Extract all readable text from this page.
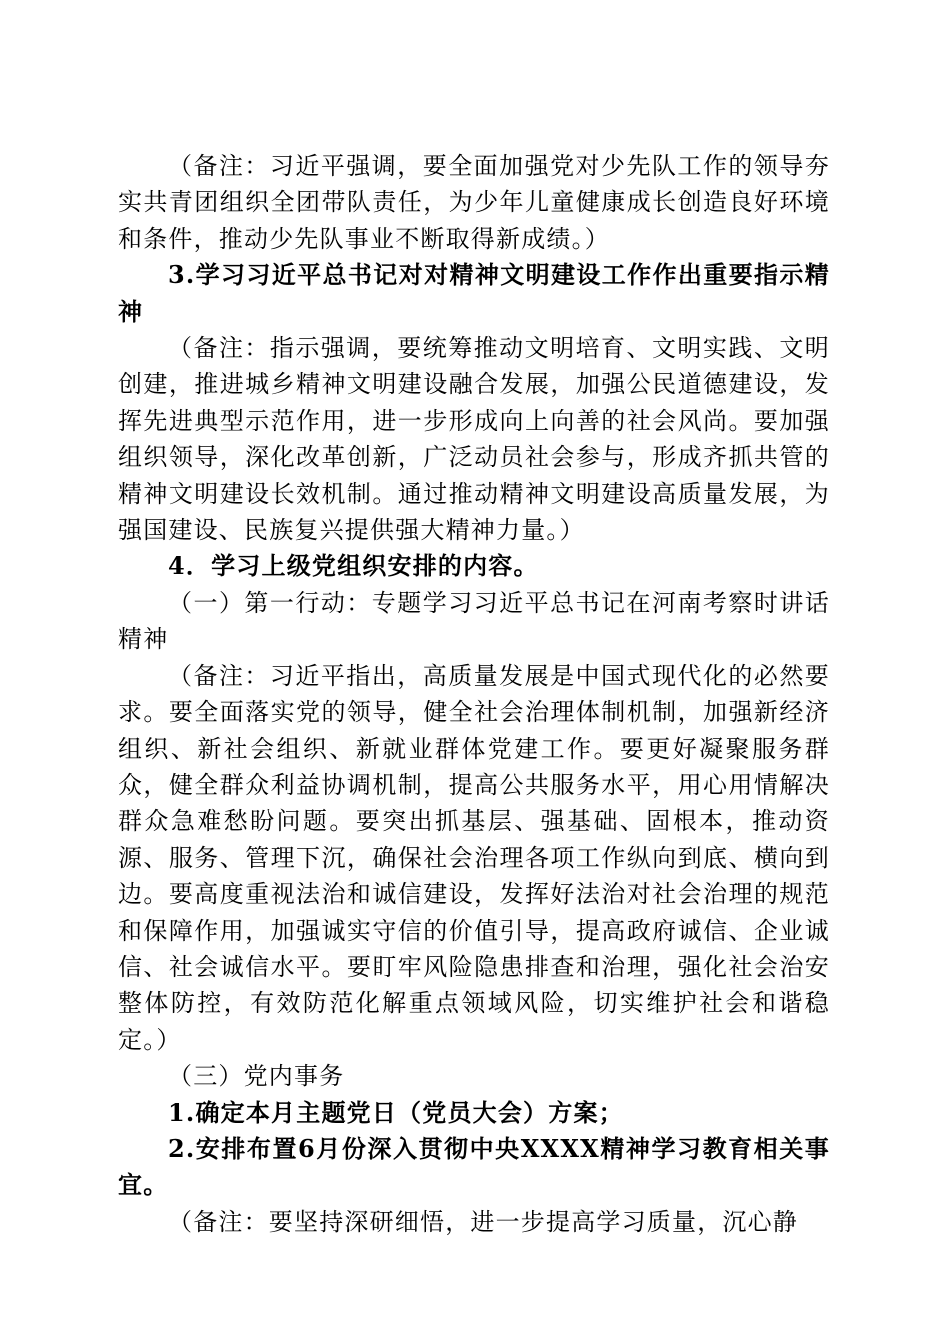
（备注：习近平强调，要全面加强党对少先队工作的领导夯实共青团组织全团带队责任，为少年儿童健康成长创造良好环境和条件，推动少先队事业不断取得新成绩。）

3.学习习近平总书记对对精神文明建设工作作出重要指示精神

（备注：指示强调，要统筹推动文明培育、文明实践、文明创建，推进城乡精神文明建设融合发展，加强公民道德建设，发挥先进典型示范作用，进一步形成向上向善的社会风尚。要加强组织领导，深化改革创新，广泛动员社会参与，形成齐抓共管的精神文明建设长效机制。通过推动精神文明建设高质量发展，为强国建设、民族复兴提供强大精神力量。）

4．学习上级党组织安排的内容。

（一）第一行动：专题学习习近平总书记在河南考察时讲话精神

（备注：习近平指出，高质量发展是中国式现代化的必然要求。要全面落实党的领导，健全社会治理体制机制，加强新经济组织、新社会组织、新就业群体党建工作。要更好凝聚服务群众，健全群众利益协调机制，提高公共服务水平，用心用情解决群众急难愁盼问题。要突出抓基层、强基础、固根本，推动资源、服务、管理下沉，确保社会治理各项工作纵向到底、横向到边。要高度重视法治和诚信建设，发挥好法治对社会治理的规范和保障作用，加强诚实守信的价值引导，提高政府诚信、企业诚信、社会诚信水平。要盯牢风险隐患排查和治理，强化社会治安整体防控，有效防范化解重点领域风险，切实维护社会和谐稳定。）

（三）党内事务

1.确定本月主题党日（党员大会）方案；

2.安排布置6月份深入贯彻中央XXXX精神学习教育相关事宜。

（备注：要坚持深研细悟，进一步提高学习质量，沉心静
